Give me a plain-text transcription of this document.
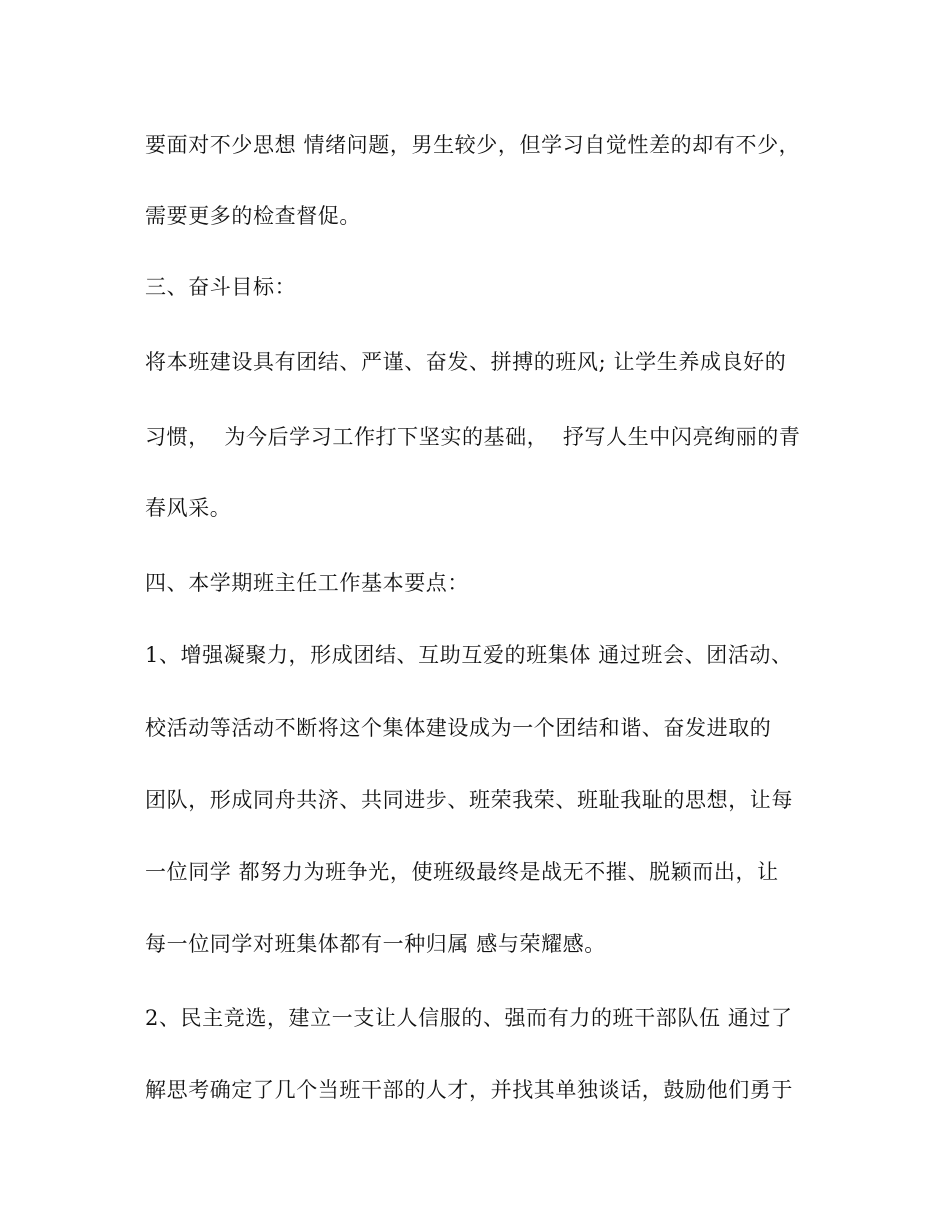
要面对不少思想 情绪问题，男生较少，但学习自觉性差的却有不少，
需要更多的检查督促。
三、奋斗目标：
将本班建设具有团结、严谨、奋发、拼搏的班风; 让学生养成良好的
习惯，  为今后学习工作打下坚实的基础，  抒写人生中闪亮绚丽的青
春风采。
四、本学期班主任工作基本要点：
1、增强凝聚力，形成团结、互助互爱的班集体 通过班会、团活动、
校活动等活动不断将这个集体建设成为一个团结和谐、奋发进取的
团队，形成同舟共济、共同进步、班荣我荣、班耻我耻的思想，让每
一位同学 都努力为班争光，使班级最终是战无不摧、脱颖而出，让
每一位同学对班集体都有一种归属 感与荣耀感。
2、民主竞选，建立一支让人信服的、强而有力的班干部队伍 通过了
解思考确定了几个当班干部的人才，并找其单独谈话，鼓励他们勇于
